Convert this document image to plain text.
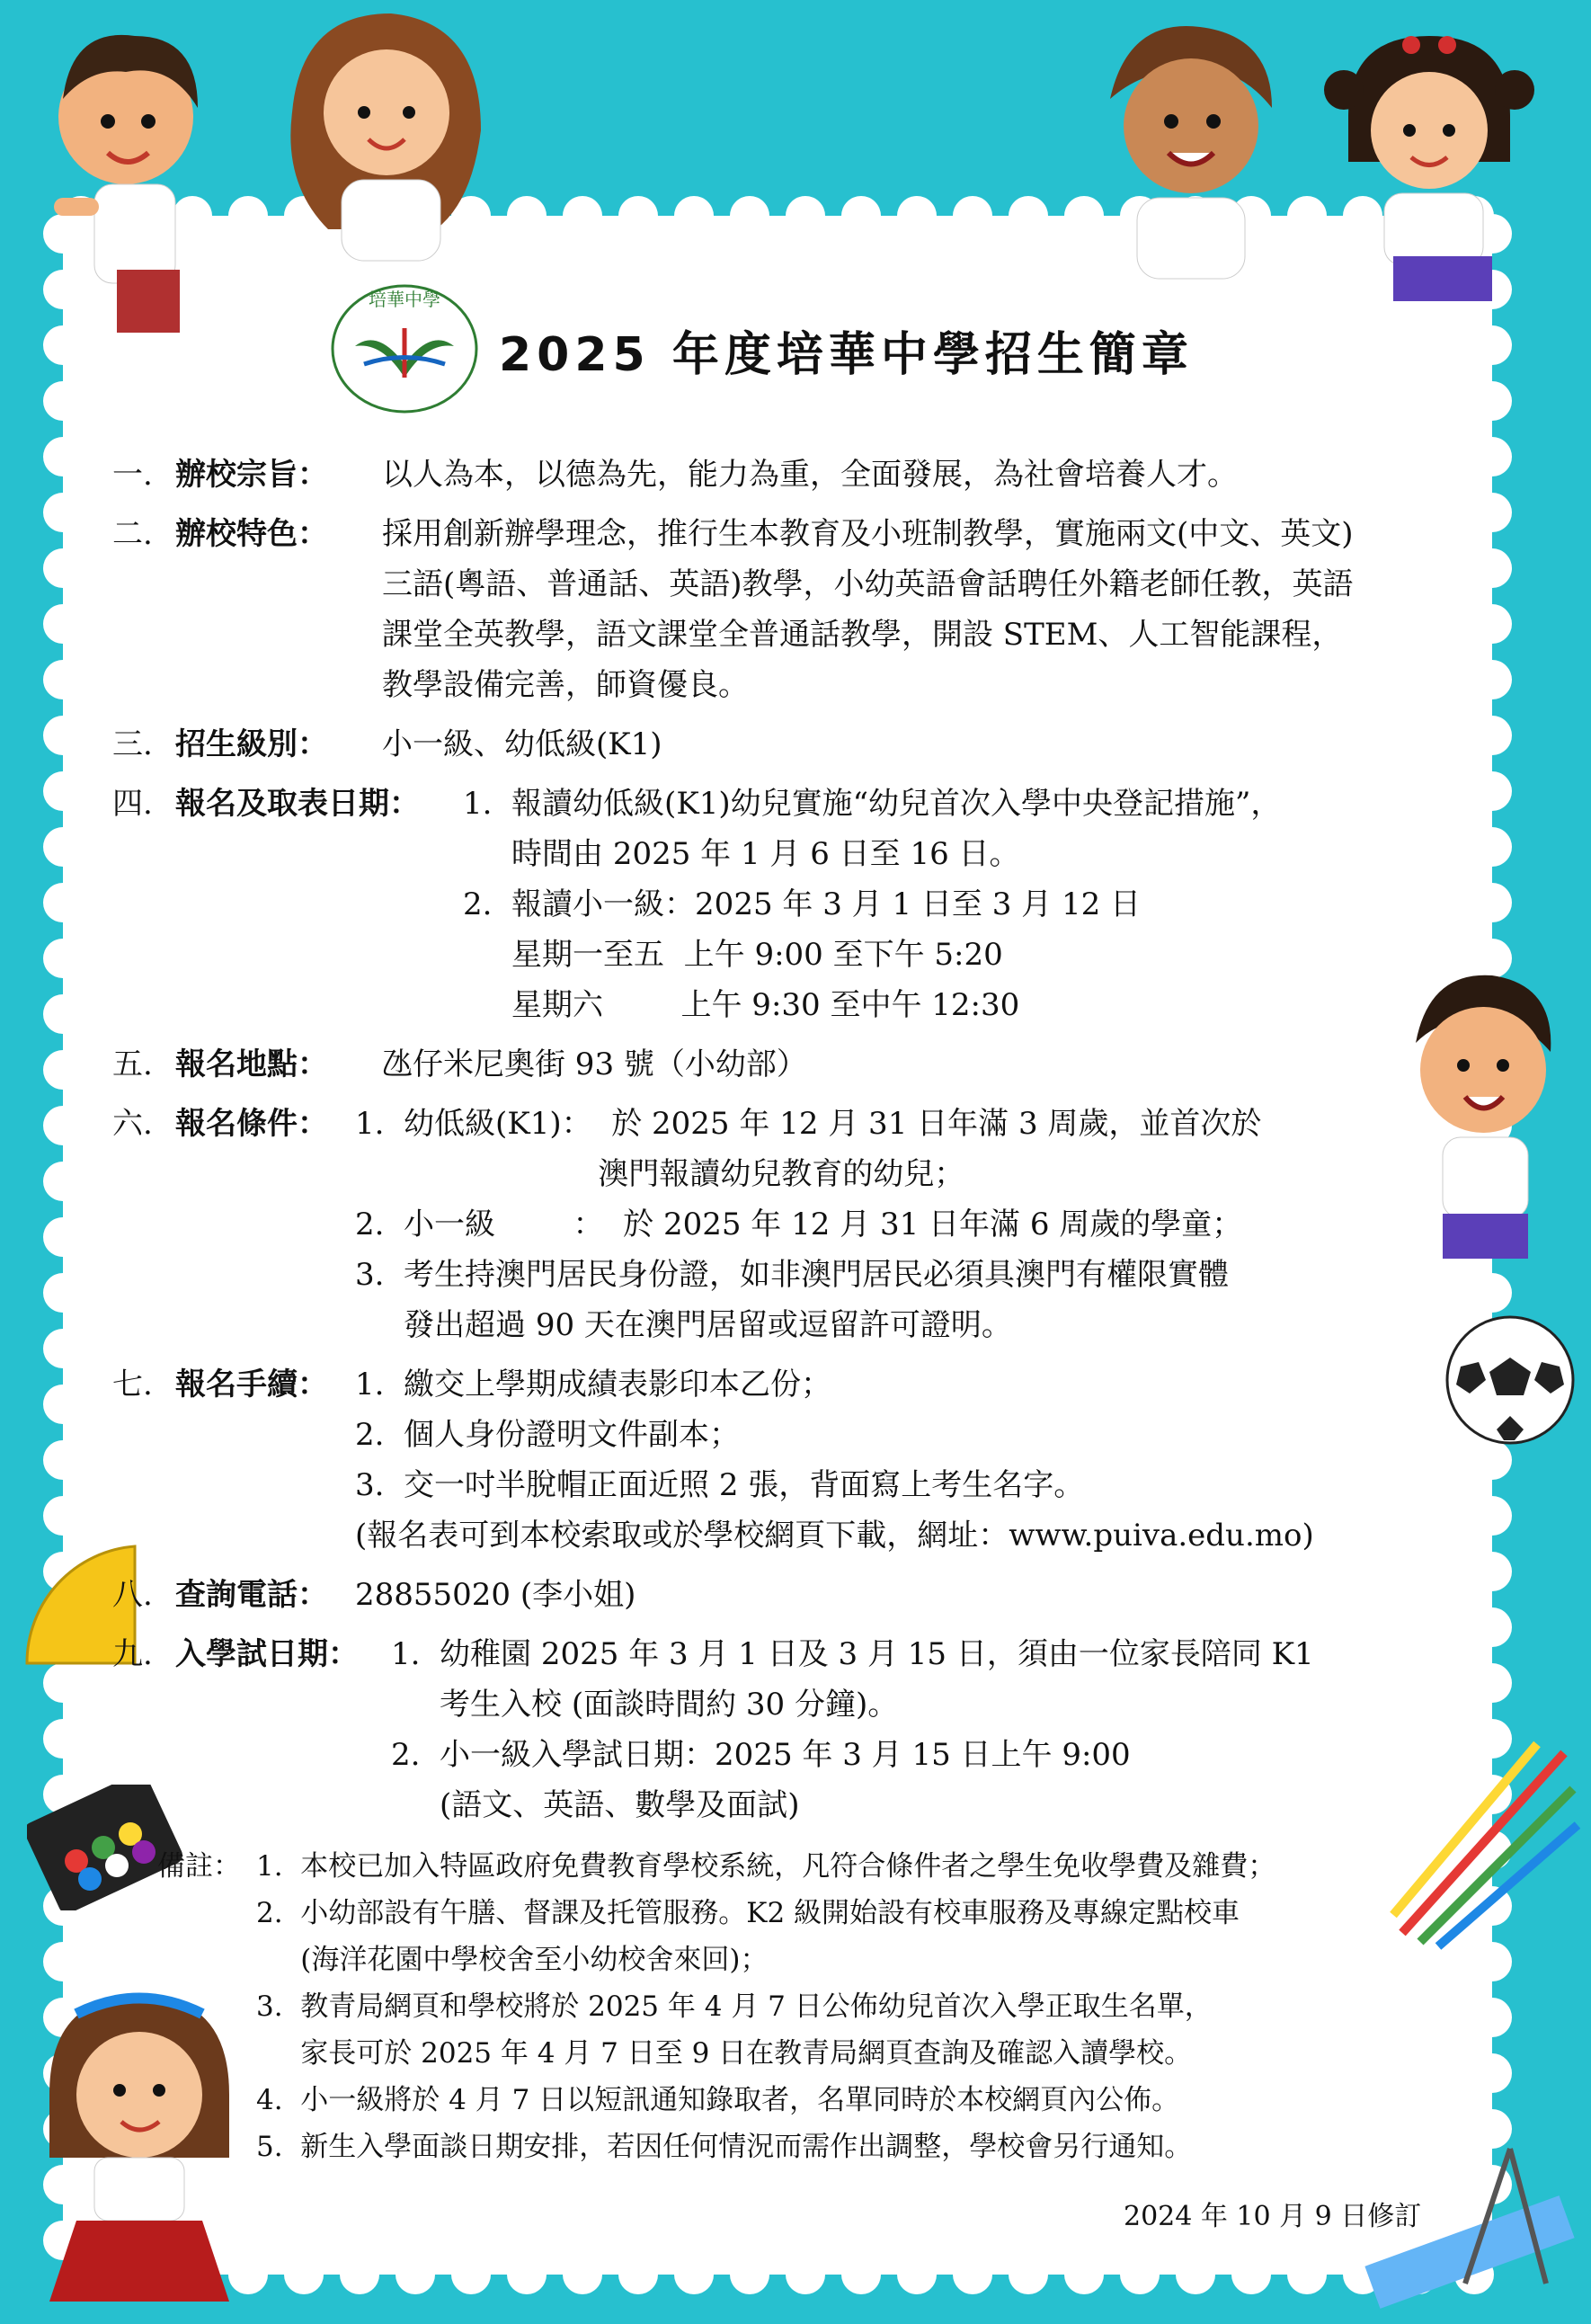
培華中學
2025 年度培華中學招生簡章
一. 辦校宗旨： 以人為本，以德為先，能力為重，全面發展，為社會培養人才。
二. 辦校特色： 採用創新辦學理念，推行生本教育及小班制教學，實施兩文(中文、英文)
三語(粵語、普通話、英語)教學，小幼英語會話聘任外籍老師任教，英語
課堂全英教學，語文課堂全普通話教學，開設 STEM、人工智能課程，
教學設備完善，師資優良。
三. 招生級別： 小一級、幼低級(K1)
四. 報名及取表日期： 1.  報讀幼低級(K1)幼兒實施“幼兒首次入學中央登記措施”，
時間由 2025 年 1 月 6 日至 16 日。
2.  報讀小一級：2025 年 3 月 1 日至 3 月 12 日
星期一至五  上午 9:00 至下午 5:20
星期六        上午 9:30 至中午 12:30
五. 報名地點： 氹仔米尼奧街 93 號（小幼部）
六. 報名條件： 1.  幼低級(K1)：  於 2025 年 12 月 31 日年滿 3 周歲，並首次於
澳門報讀幼兒教育的幼兒；
2.  小一級        ：  於 2025 年 12 月 31 日年滿 6 周歲的學童；
3.  考生持澳門居民身份證，如非澳門居民必須具澳門有權限實體
發出超過 90 天在澳門居留或逗留許可證明。
七. 報名手續： 1.  繳交上學期成績表影印本乙份；
2.  個人身份證明文件副本；
3.  交一吋半脫帽正面近照 2 張，背面寫上考生名字。
(報名表可到本校索取或於學校網頁下載，網址：www.puiva.edu.mo)
八. 查詢電話： 28855020 (李小姐)
九. 入學試日期： 1.  幼稚園 2025 年 3 月 1 日及 3 月 15 日，須由一位家長陪同 K1
考生入校 (面談時間約 30 分鐘)。
2.  小一級入學試日期：2025 年 3 月 15 日上午 9:00
(語文、英語、數學及面試)
備註： 1.  本校已加入特區政府免費教育學校系統，凡符合條件者之學生免收學費及雜費；
2.  小幼部設有午膳、督課及托管服務。K2 級開始設有校車服務及專線定點校車
(海洋花園中學校舍至小幼校舍來回)；
3.  教青局網頁和學校將於 2025 年 4 月 7 日公佈幼兒首次入學正取生名單，
家長可於 2025 年 4 月 7 日至 9 日在教青局網頁查詢及確認入讀學校。
4.  小一級將於 4 月 7 日以短訊通知錄取者，名單同時於本校網頁內公佈。
5.  新生入學面談日期安排，若因任何情況而需作出調整，學校會另行通知。
2024 年 10 月 9 日修訂
